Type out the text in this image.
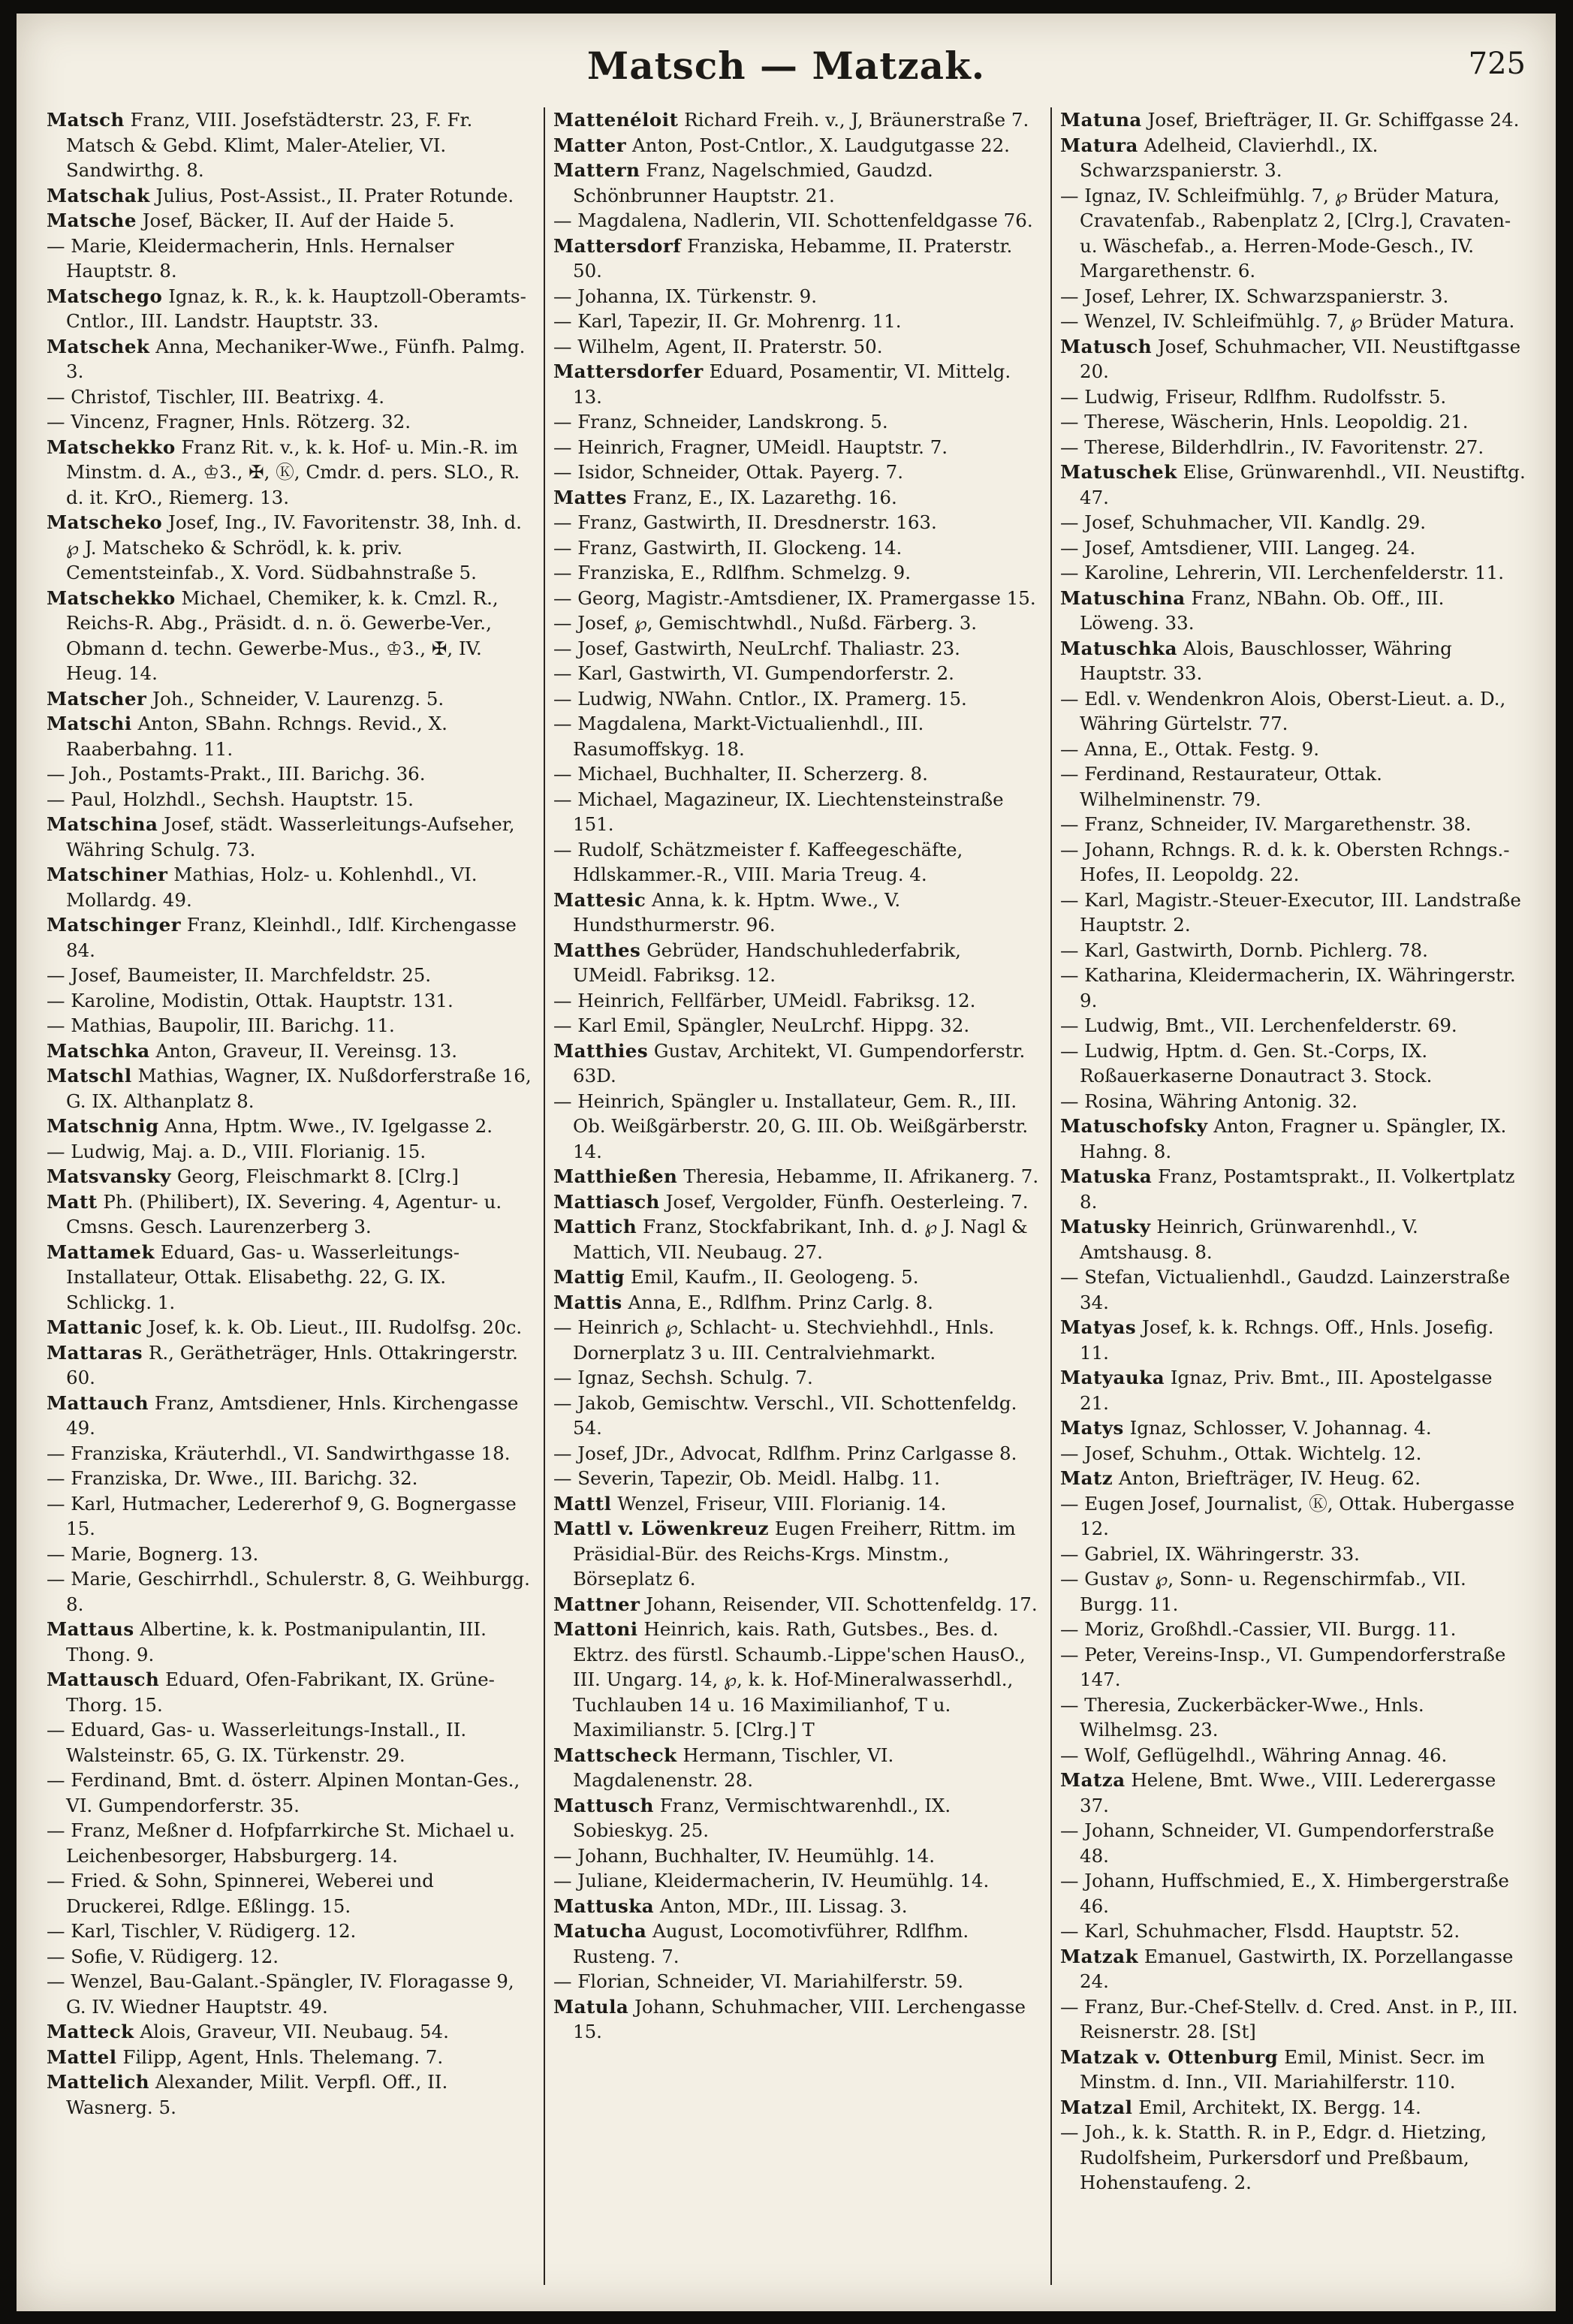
Matsch — Matzak.	725

Matsch Franz, VIII. Josefstädterstr. 23, F. Fr. Matsch & Gebd. Klimt, Maler-Atelier, VI. Sandwirthg. 8.

Matschak Julius, Post-Assist., II. Prater Rotunde.

Matsche Josef, Bäcker, II. Auf der Haide 5.

— Marie, Kleidermacherin, Hnls. Hernalser Hauptstr. 8.

Matschego Ignaz, k. R., k. k. Hauptzoll-Oberamts-Cntlor., III. Landstr. Hauptstr. 33.

Matschek Anna, Mechaniker-Wwe., Fünfh. Palmg. 3.

— Christof, Tischler, III. Beatrixg. 4.

— Vincenz, Fragner, Hnls. Rötzerg. 32.

Matschekko Franz Rit. v., k. k. Hof- u. Min.-R. im Minstm. d. A., ♔3., ✠, Ⓚ, Cmdr. d. pers. SLO., R. d. it. KrO., Riemerg. 13.

Matscheko Josef, Ing., IV. Favoritenstr. 38, Inh. d. ℘ J. Matscheko & Schrödl, k. k. priv. Cementsteinfab., X. Vord. Südbahnstraße 5.

Matschekko Michael, Chemiker, k. k. Cmzl. R., Reichs-R. Abg., Präsidt. d. n. ö. Gewerbe-Ver., Obmann d. techn. Gewerbe-Mus., ♔3., ✠, IV. Heug. 14.

Matscher Joh., Schneider, V. Laurenzg. 5.

Matschi Anton, SBahn. Rchngs. Revid., X. Raaberbahng. 11.

— Joh., Postamts-Prakt., III. Barichg. 36.

— Paul, Holzhdl., Sechsh. Hauptstr. 15.

Matschina Josef, städt. Wasserleitungs-Aufseher, Währing Schulg. 73.

Matschiner Mathias, Holz- u. Kohlenhdl., VI. Mollardg. 49.

Matschinger Franz, Kleinhdl., Idlf. Kirchengasse 84.

— Josef, Baumeister, II. Marchfeldstr. 25.

— Karoline, Modistin, Ottak. Hauptstr. 131.

— Mathias, Baupolir, III. Barichg. 11.

Matschka Anton, Graveur, II. Vereinsg. 13.

Matschl Mathias, Wagner, IX. Nußdorferstraße 16, G. IX. Althanplatz 8.

Matschnig Anna, Hptm. Wwe., IV. Igelgasse 2.

— Ludwig, Maj. a. D., VIII. Florianig. 15.

Matsvansky Georg, Fleischmarkt 8. [Clrg.]

Matt Ph. (Philibert), IX. Severing. 4, Agentur- u. Cmsns. Gesch. Laurenzerberg 3.

Mattamek Eduard, Gas- u. Wasserleitungs-Installateur, Ottak. Elisabethg. 22, G. IX. Schlickg. 1.

Mattanic Josef, k. k. Ob. Lieut., III. Rudolfsg. 20c.

Mattaras R., Gerätheträger, Hnls. Ottakringerstr. 60.

Mattauch Franz, Amtsdiener, Hnls. Kirchengasse 49.

— Franziska, Kräuterhdl., VI. Sandwirthgasse 18.

— Franziska, Dr. Wwe., III. Barichg. 32.

— Karl, Hutmacher, Ledererhof 9, G. Bognergasse 15.

— Marie, Bognerg. 13.

— Marie, Geschirrhdl., Schulerstr. 8, G. Weihburgg. 8.

Mattaus Albertine, k. k. Postmanipulantin, III. Thong. 9.

Mattausch Eduard, Ofen-Fabrikant, IX. Grüne-Thorg. 15.

— Eduard, Gas- u. Wasserleitungs-Install., II. Walsteinstr. 65, G. IX. Türkenstr. 29.

— Ferdinand, Bmt. d. österr. Alpinen Montan-Ges., VI. Gumpendorferstr. 35.

— Franz, Meßner d. Hofpfarrkirche St. Michael u. Leichenbesorger, Habsburgerg. 14.

— Fried. & Sohn, Spinnerei, Weberei und Druckerei, Rdlge. Eßlingg. 15.

— Karl, Tischler, V. Rüdigerg. 12.

— Sofie, V. Rüdigerg. 12.

— Wenzel, Bau-Galant.-Spängler, IV. Floragasse 9, G. IV. Wiedner Hauptstr. 49.

Matteck Alois, Graveur, VII. Neubaug. 54.

Mattel Filipp, Agent, Hnls. Thelemang. 7.

Mattelich Alexander, Milit. Verpfl. Off., II. Wasnerg. 5.

Mattenéloit Richard Freih. v., J, Bräunerstraße 7.

Matter Anton, Post-Cntlor., X. Laudgutgasse 22.

Mattern Franz, Nagelschmied, Gaudzd. Schönbrunner Hauptstr. 21.

— Magdalena, Nadlerin, VII. Schottenfeldgasse 76.

Mattersdorf Franziska, Hebamme, II. Praterstr. 50.

— Johanna, IX. Türkenstr. 9.

— Karl, Tapezir, II. Gr. Mohrenrg. 11.

— Wilhelm, Agent, II. Praterstr. 50.

Mattersdorfer Eduard, Posamentir, VI. Mittelg. 13.

— Franz, Schneider, Landskrong. 5.

— Heinrich, Fragner, UMeidl. Hauptstr. 7.

— Isidor, Schneider, Ottak. Payerg. 7.

Mattes Franz, E., IX. Lazarethg. 16.

— Franz, Gastwirth, II. Dresdnerstr. 163.

— Franz, Gastwirth, II. Glockeng. 14.

— Franziska, E., Rdlfhm. Schmelzg. 9.

— Georg, Magistr.-Amtsdiener, IX. Pramergasse 15.

— Josef, ℘, Gemischtwhdl., Nußd. Färberg. 3.

— Josef, Gastwirth, NeuLrchf. Thaliastr. 23.

— Karl, Gastwirth, VI. Gumpendorferstr. 2.

— Ludwig, NWahn. Cntlor., IX. Pramerg. 15.

— Magdalena, Markt-Victualienhdl., III. Rasumoffskyg. 18.

— Michael, Buchhalter, II. Scherzerg. 8.

— Michael, Magazineur, IX. Liechtensteinstraße 151.

— Rudolf, Schätzmeister f. Kaffeegeschäfte, Hdlskammer.-R., VIII. Maria Treug. 4.

Mattesic Anna, k. k. Hptm. Wwe., V. Hundsthurmerstr. 96.

Matthes Gebrüder, Handschuhlederfabrik, UMeidl. Fabriksg. 12.

— Heinrich, Fellfärber, UMeidl. Fabriksg. 12.

— Karl Emil, Spängler, NeuLrchf. Hippg. 32.

Matthies Gustav, Architekt, VI. Gumpendorferstr. 63D.

— Heinrich, Spängler u. Installateur, Gem. R., III. Ob. Weißgärberstr. 20, G. III. Ob. Weißgärberstr. 14.

Matthießen Theresia, Hebamme, II. Afrikanerg. 7.

Mattiasch Josef, Vergolder, Fünfh. Oesterleing. 7.

Mattich Franz, Stockfabrikant, Inh. d. ℘ J. Nagl & Mattich, VII. Neubaug. 27.

Mattig Emil, Kaufm., II. Geologeng. 5.

Mattis Anna, E., Rdlfhm. Prinz Carlg. 8.

— Heinrich ℘, Schlacht- u. Stechviehhdl., Hnls. Dornerplatz 3 u. III. Centralviehmarkt.

— Ignaz, Sechsh. Schulg. 7.

— Jakob, Gemischtw. Verschl., VII. Schottenfeldg. 54.

— Josef, JDr., Advocat, Rdlfhm. Prinz Carlgasse 8.

— Severin, Tapezir, Ob. Meidl. Halbg. 11.

Mattl Wenzel, Friseur, VIII. Florianig. 14.

Mattl v. Löwenkreuz Eugen Freiherr, Rittm. im Präsidial-Bür. des Reichs-Krgs. Minstm., Börseplatz 6.

Mattner Johann, Reisender, VII. Schottenfeldg. 17.

Mattoni Heinrich, kais. Rath, Gutsbes., Bes. d. Ektrz. des fürstl. Schaumb.-Lippe'schen HausO., III. Ungarg. 14, ℘, k. k. Hof-Mineralwasserhdl., Tuchlauben 14 u. 16 Maximilianhof, T u. Maximilianstr. 5. [Clrg.] T

Mattscheck Hermann, Tischler, VI. Magdalenenstr. 28.

Mattusch Franz, Vermischtwarenhdl., IX. Sobieskyg. 25.

— Johann, Buchhalter, IV. Heumühlg. 14.

— Juliane, Kleidermacherin, IV. Heumühlg. 14.

Mattuska Anton, MDr., III. Lissag. 3.

Matucha August, Locomotivführer, Rdlfhm. Rusteng. 7.

— Florian, Schneider, VI. Mariahilferstr. 59.

Matula Johann, Schuhmacher, VIII. Lerchengasse 15.

Matuna Josef, Briefträger, II. Gr. Schiffgasse 24.

Matura Adelheid, Clavierhdl., IX. Schwarzspanierstr. 3.

— Ignaz, IV. Schleifmühlg. 7, ℘ Brüder Matura, Cravatenfab., Rabenplatz 2, [Clrg.], Cravaten- u. Wäschefab., a. Herren-Mode-Gesch., IV. Margarethenstr. 6.

— Josef, Lehrer, IX. Schwarzspanierstr. 3.

— Wenzel, IV. Schleifmühlg. 7, ℘ Brüder Matura.

Matusch Josef, Schuhmacher, VII. Neustiftgasse 20.

— Ludwig, Friseur, Rdlfhm. Rudolfsstr. 5.

— Therese, Wäscherin, Hnls. Leopoldig. 21.

— Therese, Bilderhdlrin., IV. Favoritenstr. 27.

Matuschek Elise, Grünwarenhdl., VII. Neustiftg. 47.

— Josef, Schuhmacher, VII. Kandlg. 29.

— Josef, Amtsdiener, VIII. Langeg. 24.

— Karoline, Lehrerin, VII. Lerchenfelderstr. 11.

Matuschina Franz, NBahn. Ob. Off., III. Löweng. 33.

Matuschka Alois, Bauschlosser, Währing Hauptstr. 33.

— Edl. v. Wendenkron Alois, Oberst-Lieut. a. D., Währing Gürtelstr. 77.

— Anna, E., Ottak. Festg. 9.

— Ferdinand, Restaurateur, Ottak. Wilhelminenstr. 79.

— Franz, Schneider, IV. Margarethenstr. 38.

— Johann, Rchngs. R. d. k. k. Obersten Rchngs.-Hofes, II. Leopoldg. 22.

— Karl, Magistr.-Steuer-Executor, III. Landstraße Hauptstr. 2.

— Karl, Gastwirth, Dornb. Pichlerg. 78.

— Katharina, Kleidermacherin, IX. Währingerstr. 9.

— Ludwig, Bmt., VII. Lerchenfelderstr. 69.

— Ludwig, Hptm. d. Gen. St.-Corps, IX. Roßauerkaserne Donautract 3. Stock.

— Rosina, Währing Antonig. 32.

Matuschofsky Anton, Fragner u. Spängler, IX. Hahng. 8.

Matuska Franz, Postamtsprakt., II. Volkertplatz 8.

Matusky Heinrich, Grünwarenhdl., V. Amtshausg. 8.

— Stefan, Victualienhdl., Gaudzd. Lainzerstraße 34.

Matyas Josef, k. k. Rchngs. Off., Hnls. Josefig. 11.

Matyauka Ignaz, Priv. Bmt., III. Apostelgasse 21.

Matys Ignaz, Schlosser, V. Johannag. 4.

— Josef, Schuhm., Ottak. Wichtelg. 12.

Matz Anton, Briefträger, IV. Heug. 62.

— Eugen Josef, Journalist, Ⓚ, Ottak. Hubergasse 12.

— Gabriel, IX. Währingerstr. 33.

— Gustav ℘, Sonn- u. Regenschirmfab., VII. Burgg. 11.

— Moriz, Großhdl.-Cassier, VII. Burgg. 11.

— Peter, Vereins-Insp., VI. Gumpendorferstraße 147.

— Theresia, Zuckerbäcker-Wwe., Hnls. Wilhelmsg. 23.

— Wolf, Geflügelhdl., Währing Annag. 46.

Matza Helene, Bmt. Wwe., VIII. Lederergasse 37.

— Johann, Schneider, VI. Gumpendorferstraße 48.

— Johann, Huffschmied, E., X. Himbergerstraße 46.

— Karl, Schuhmacher, Flsdd. Hauptstr. 52.

Matzak Emanuel, Gastwirth, IX. Porzellangasse 24.

— Franz, Bur.-Chef-Stellv. d. Cred. Anst. in P., III. Reisnerstr. 28. [St]

Matzak v. Ottenburg Emil, Minist. Secr. im Minstm. d. Inn., VII. Mariahilferstr. 110.

Matzal Emil, Architekt, IX. Bergg. 14.

— Joh., k. k. Statth. R. in P., Edgr. d. Hietzing, Rudolfsheim, Purkersdorf und Preßbaum, Hohenstaufeng. 2.
